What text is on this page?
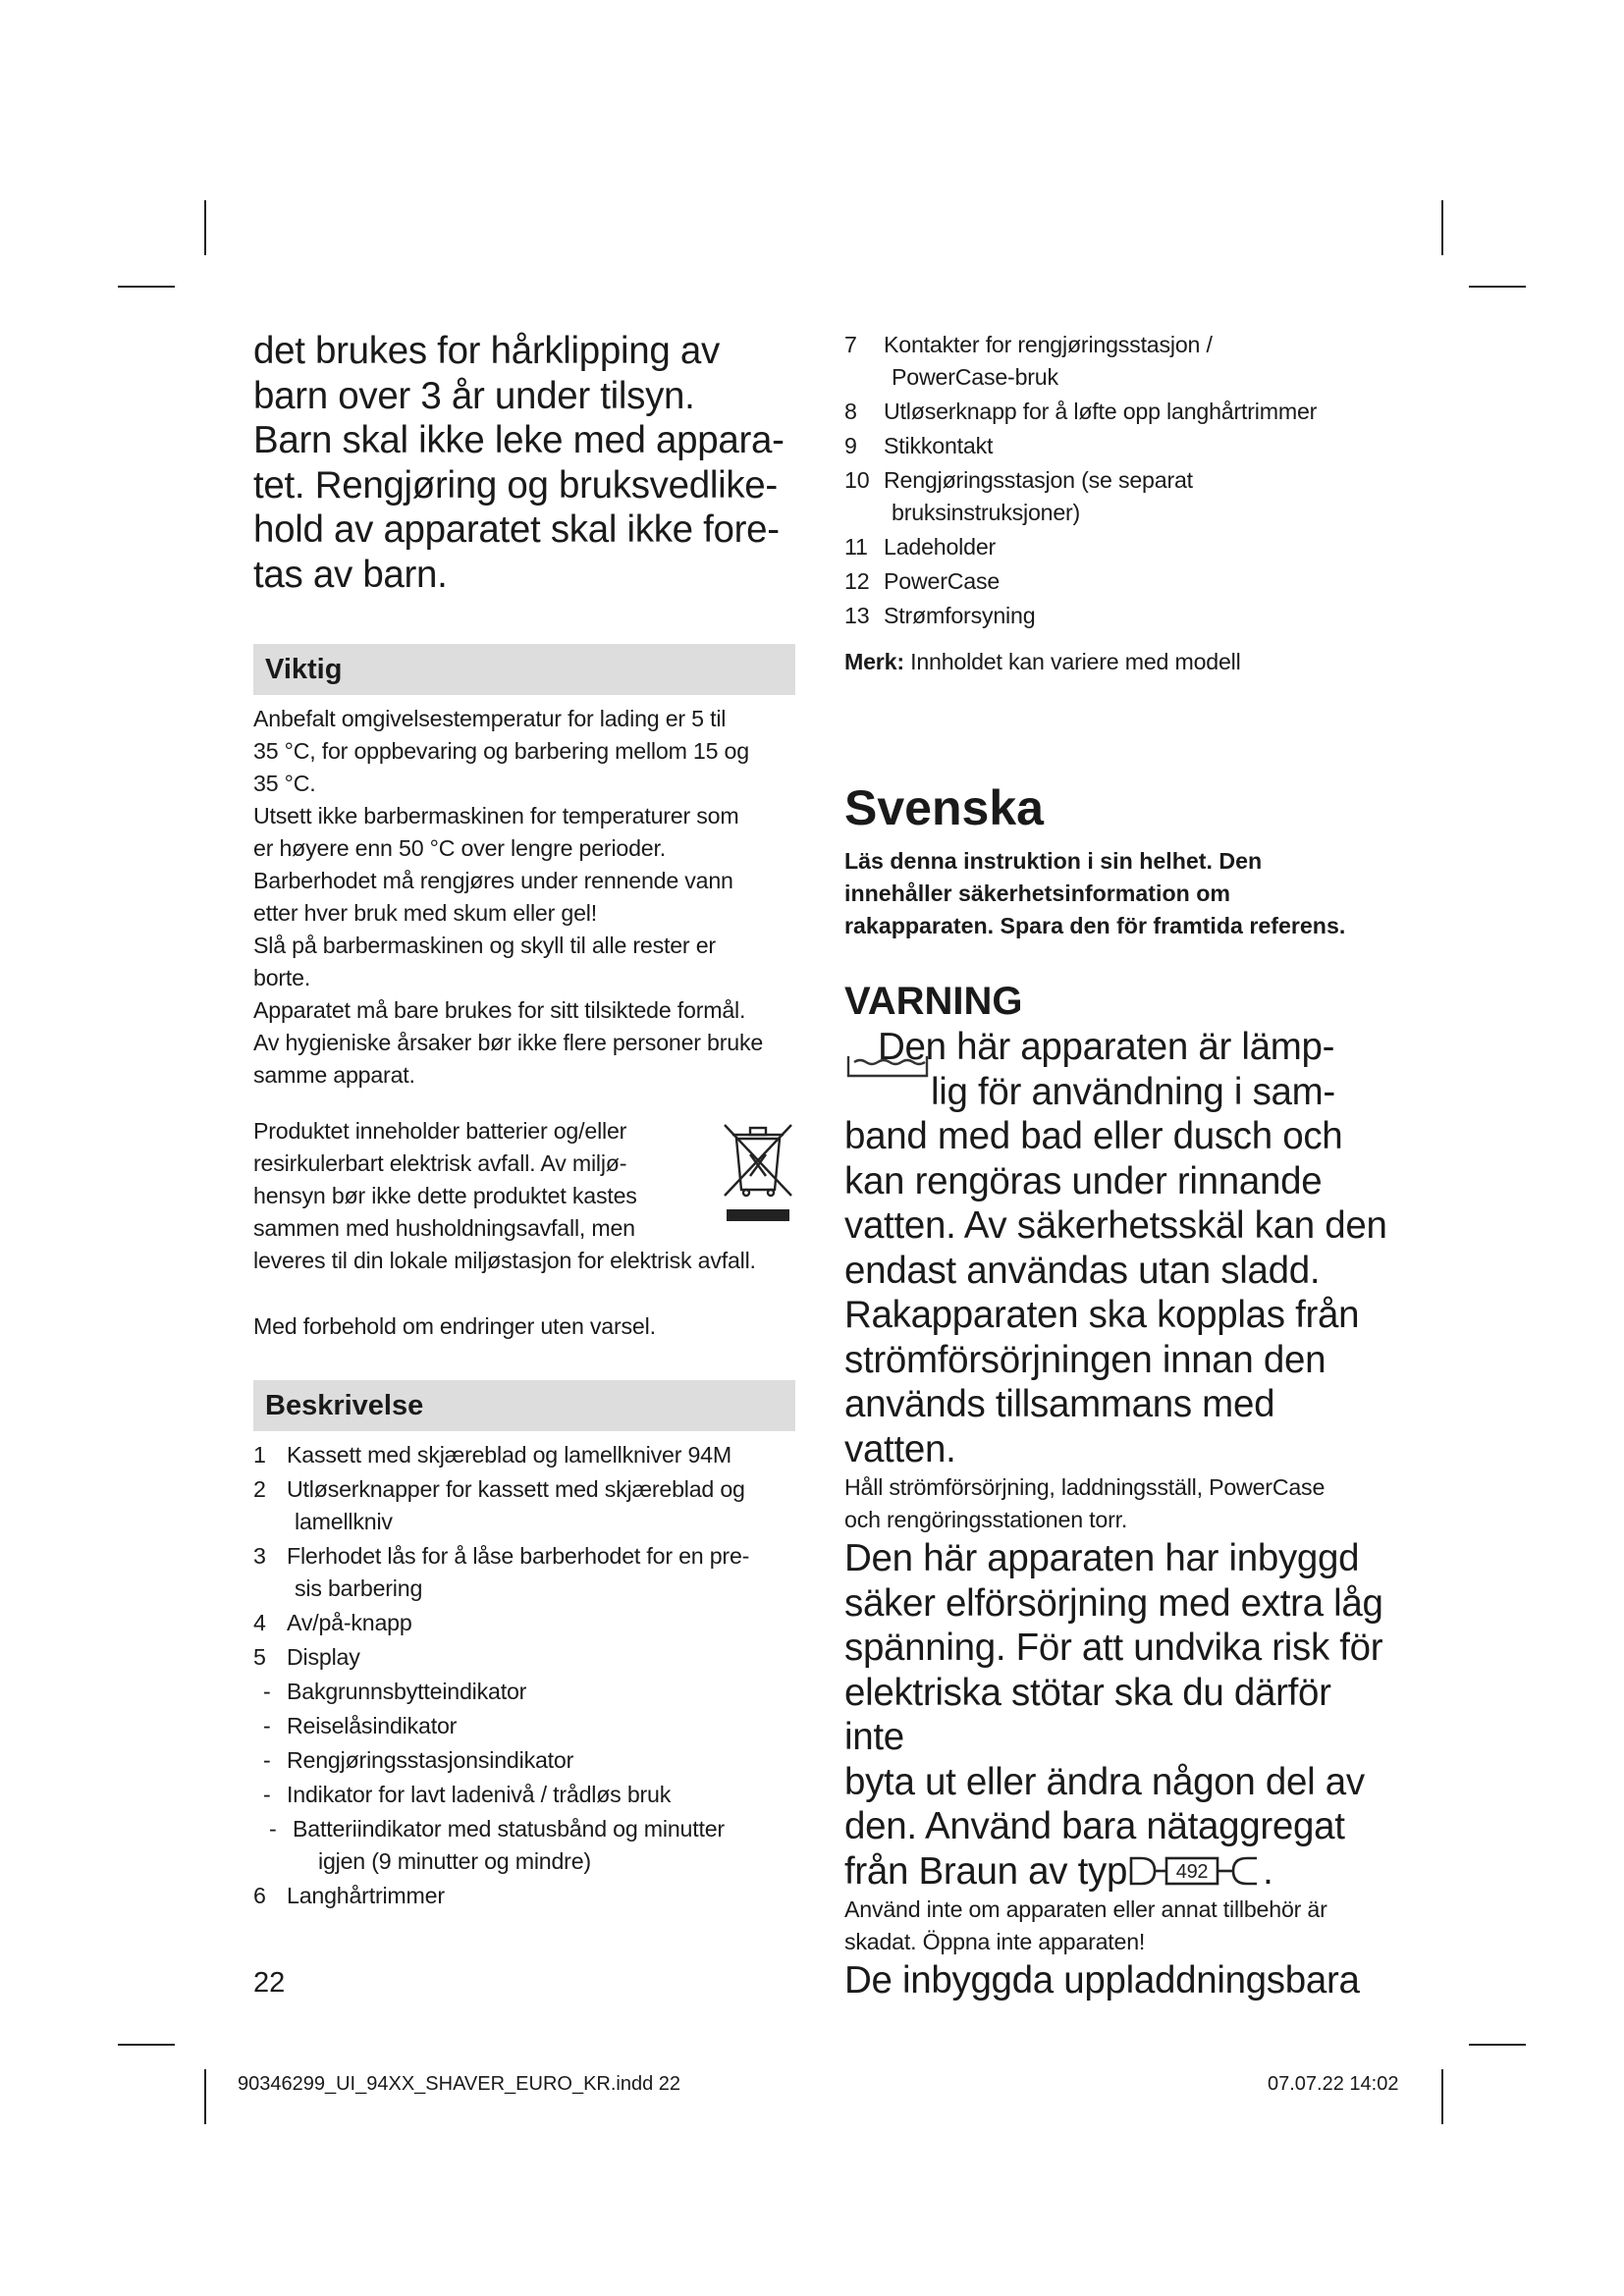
det brukes for hårklipping av

barn over 3 år under tilsyn.

Barn skal ikke leke med appara-

tet. Rengjøring og bruksvedlike-

hold av apparatet skal ikke fore-

tas av barn.

Viktig

Anbefalt omgivelsestemperatur for lading er 5 til

35 °C, for oppbevaring og barbering mellom 15 og

35 °C.

Utsett ikke barbermaskinen for temperaturer som

er høyere enn 50 °C over lengre perioder.

Barberhodet må rengjøres under rennende vann

etter hver bruk med skum eller gel!

Slå på barbermaskinen og skyll til alle rester er

borte.

Apparatet må bare brukes for sitt tilsiktede formål.

Av hygieniske årsaker bør ikke flere personer bruke

samme apparat.

Produktet inneholder batterier og/eller

resirkulerbart elektrisk avfall. Av miljø-

hensyn bør ikke dette produktet kastes

sammen med husholdningsavfall, men

leveres til din lokale miljøstasjon for elektrisk avfall.

Med forbehold om endringer uten varsel.

Beskrivelse
1 Kassett med skjæreblad og lamellkniver 94M
2 Utløserknapper for kassett med skjæreblad og
lamellkniv
3 Flerhodet lås for å låse barberhodet for en pre-
sis barbering
4 Av/på-knapp
5 Display
- Bakgrunnsbytteindikator
- Reiselåsindikator
- Rengjøringsstasjonsindikator
- Indikator for lavt ladenivå / trådløs bruk
- Batteriindikator med statusbånd og minutter
igjen (9 minutter og mindre)
6 Langhårtrimmer
22
7 Kontakter for rengjøringsstasjon /
PowerCase-bruk
8 Utløserknapp for å løfte opp langhårtrimmer
9 Stikkontakt
10 Rengjøringsstasjon (se separat
bruksinstruksjoner)
11 Ladeholder
12 PowerCase
13 Strømforsyning

Merk: Innholdet kan variere med modell

Svenska

Läs denna instruktion i sin helhet. Den

innehåller säkerhetsinformation om

rakapparaten. Spara den för framtida referens.

VARNING

Den här apparaten är lämp-

lig för användning i sam-

band med bad eller dusch och

kan rengöras under rinnande

vatten. Av säkerhetsskäl kan den

endast användas utan sladd.

Rakapparaten ska kopplas från

strömförsörjningen innan den

används tillsammans med vatten.

Håll strömförsörjning, laddningsställ, PowerCase

och rengöringsstationen torr.

Den här apparaten har inbyggd

säker elförsörjning med extra låg

spänning. För att undvika risk för

elektriska stötar ska du därför inte

byta ut eller ändra någon del av

den. Använd bara nätaggregat

från Braun av typ 492 .

Använd inte om apparaten eller annat tillbehör är

skadat. Öppna inte apparaten!

De inbyggda uppladdningsbara

90346299_UI_94XX_SHAVER_EURO_KR.indd 22	07.07.22 14:02
